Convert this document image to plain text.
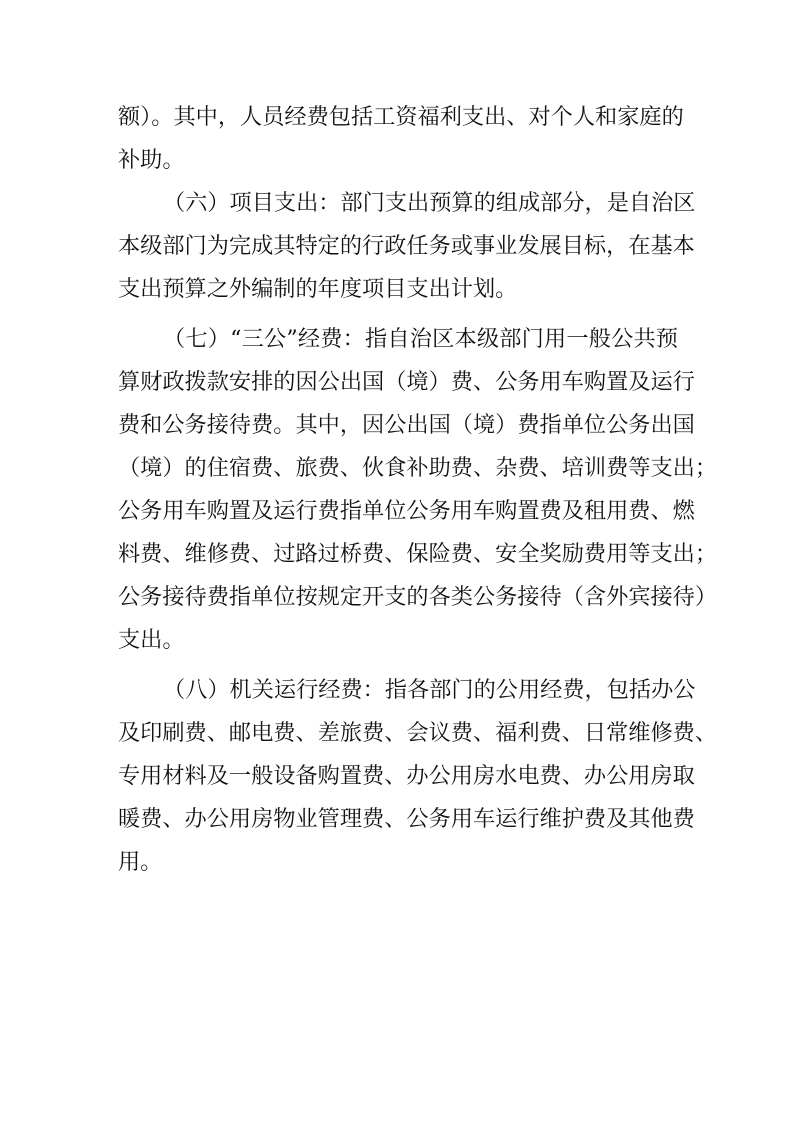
额）。其中，人员经费包括工资福利支出、对个人和家庭的

补助。

（六）项目支出：部门支出预算的组成部分，是自治区

本级部门为完成其特定的行政任务或事业发展目标，在基本

支出预算之外编制的年度项目支出计划。

（七）“三公”经费：指自治区本级部门用一般公共预

算财政拨款安排的因公出国（境）费、公务用车购置及运行

费和公务接待费。其中，因公出国（境）费指单位公务出国

（境）的住宿费、旅费、伙食补助费、杂费、培训费等支出；

公务用车购置及运行费指单位公务用车购置费及租用费、燃

料费、维修费、过路过桥费、保险费、安全奖励费用等支出；

公务接待费指单位按规定开支的各类公务接待（含外宾接待）

支出。

（八）机关运行经费：指各部门的公用经费，包括办公

及印刷费、邮电费、差旅费、会议费、福利费、日常维修费、

专用材料及一般设备购置费、办公用房水电费、办公用房取

暖费、办公用房物业管理费、公务用车运行维护费及其他费

用。
